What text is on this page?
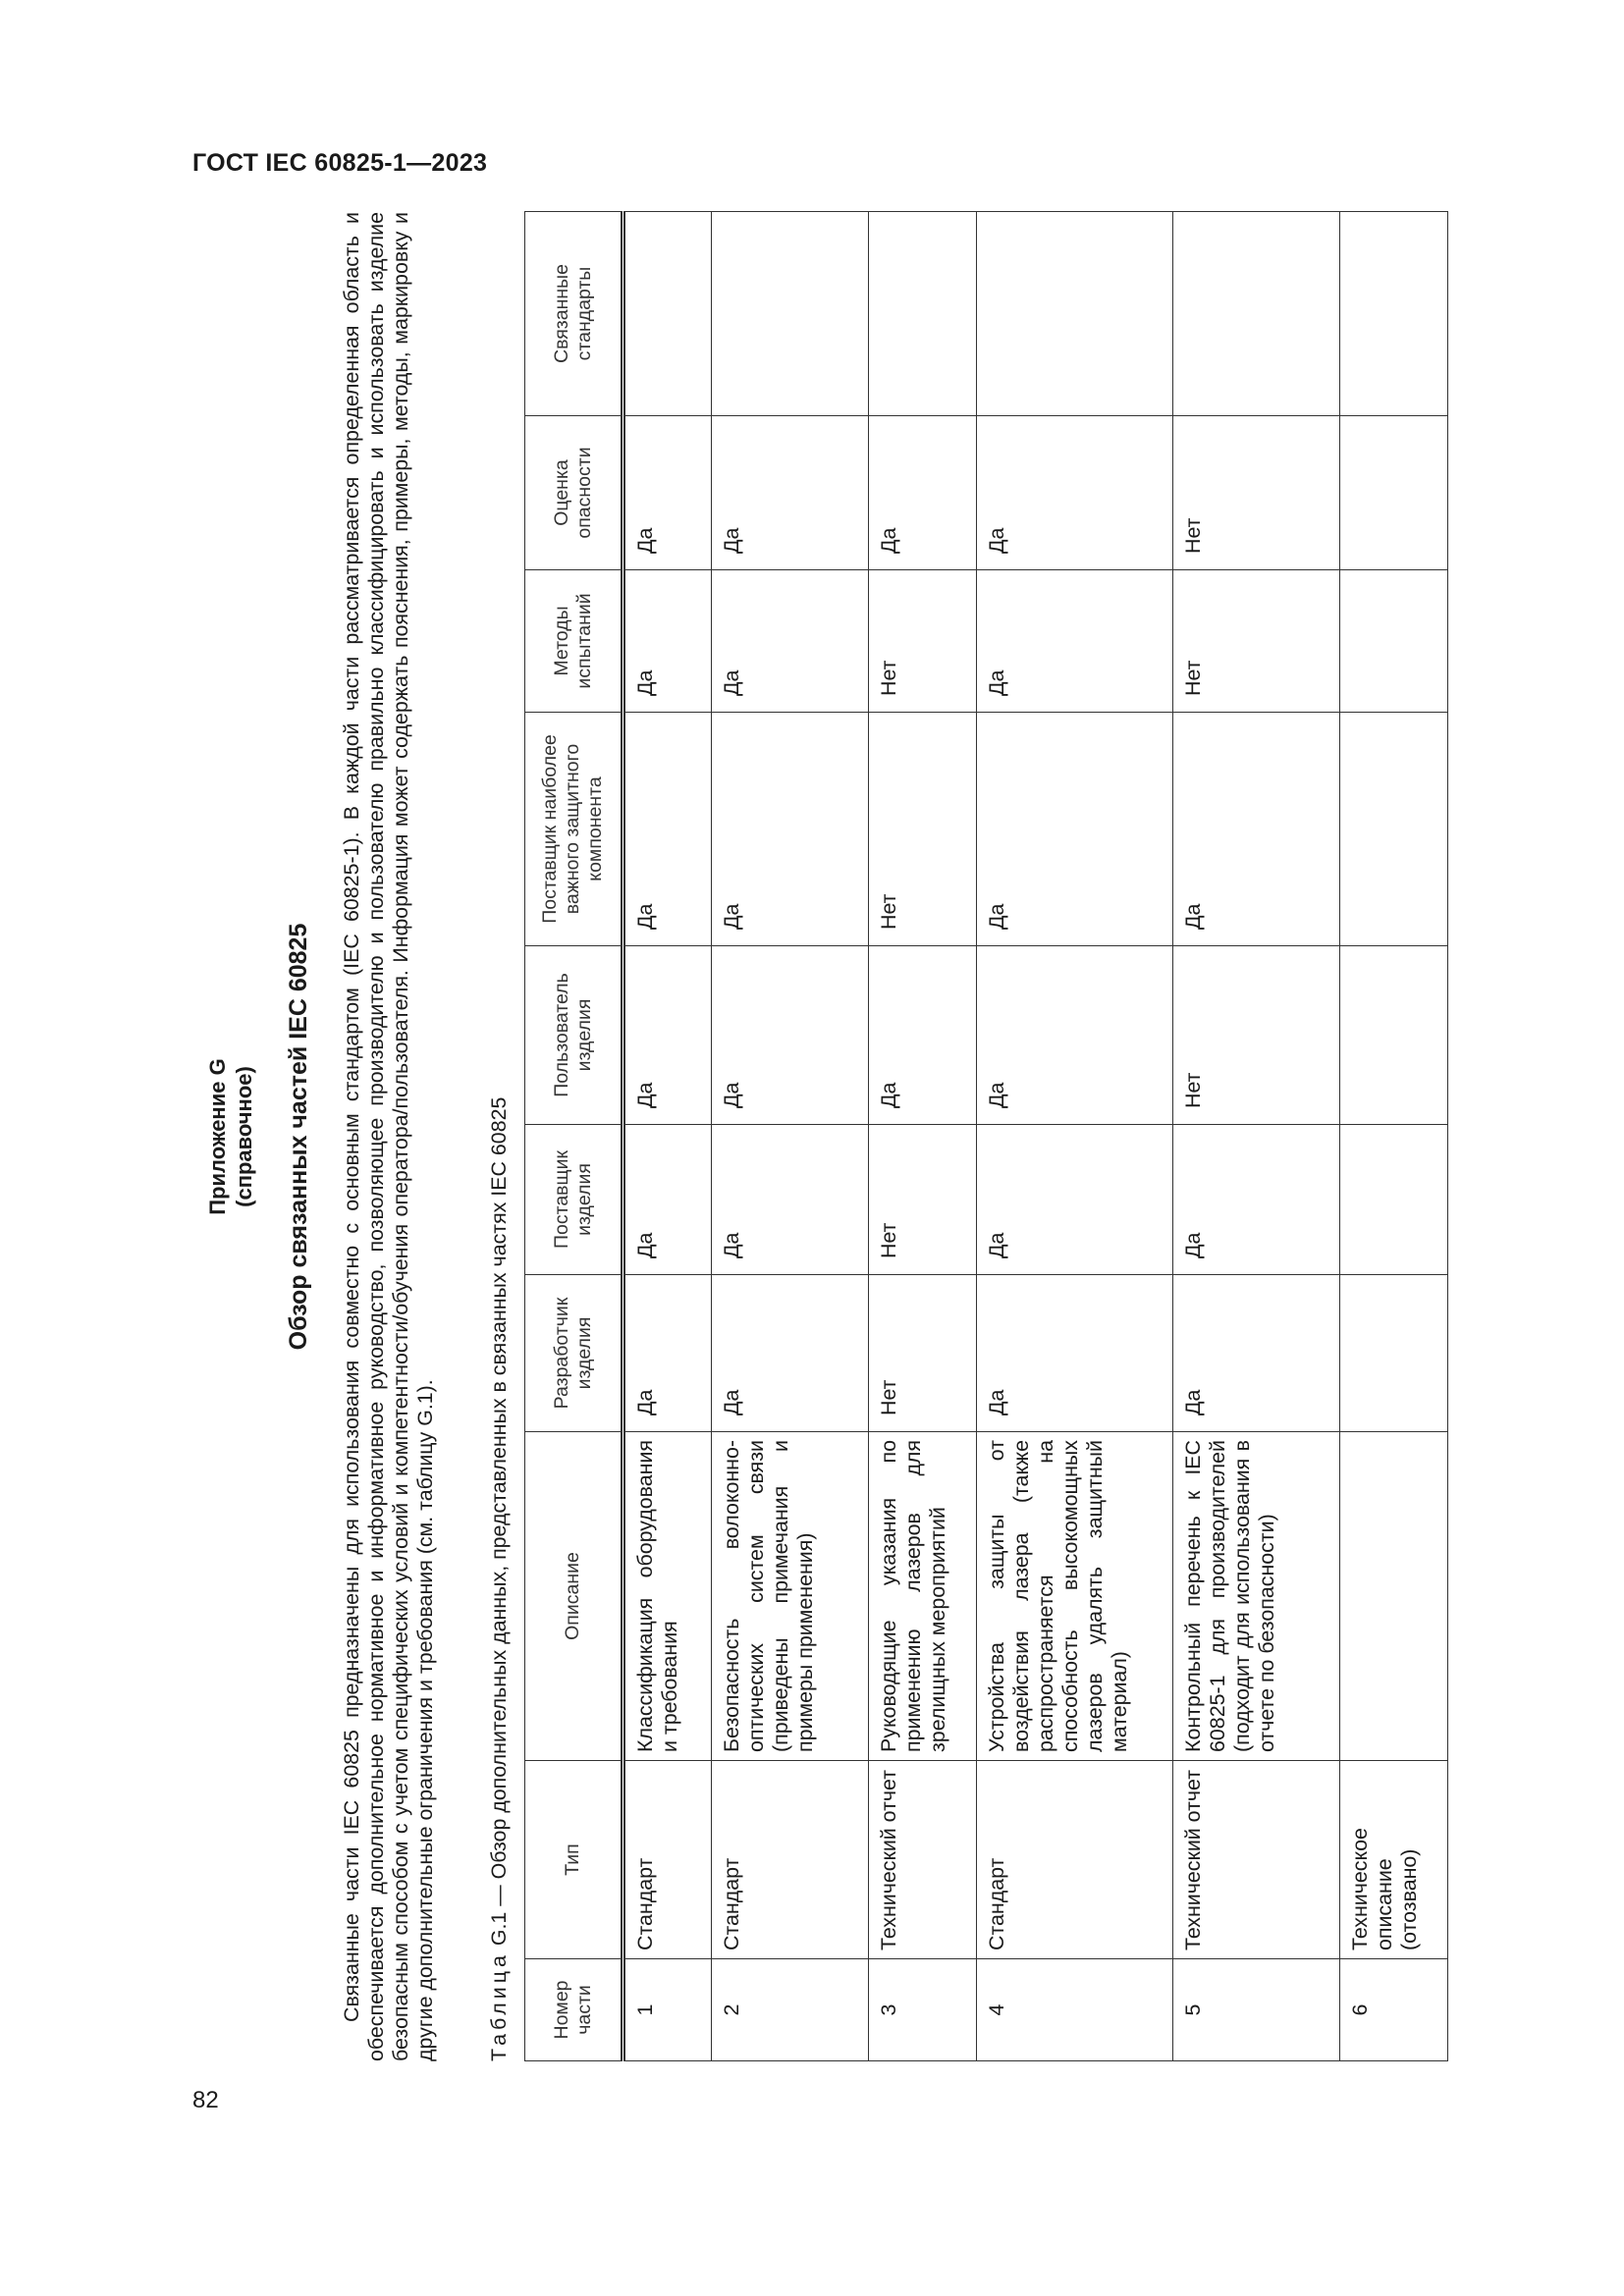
ГОСТ IEC 60825-1—2023
82
Приложение G (справочное) Обзор связанных частей IEC 60825 Связанные части IEC 60825 предназначены для использования совместно с основным стандартом (IEC 60825-1). В каждой части рассматривается определенная область и обеспечивается дополнительное нормативное и информативное руководство, позволяющее производителю и пользователю правильно классифицировать и использовать изделие безопасным способом с учетом специфических условий и компетентности/обучения оператора/пользователя. Информация может содержать пояснения, примеры, методы, маркировку и другие дополнительные ограничения и требования (см. таблицу G.1). Таблица G.1 — Обзор дополнительных данных, представленных в связанных частях IEC 60825
Номер части	Тип	Описание	Разработчик изделия	Поставщик изделия	Пользователь изделия	Поставщик наиболее важного защитного компонента	Методы испытаний	Оценка опасности	Связанные стандарты
1	Стандарт	Классификация оборудования и требования	Да	Да	Да	Да	Да	Да	
2	Стандарт	Безопасность волоконно-оптических систем связи (приведены примечания и примеры применения)	Да	Да	Да	Да	Да	Да	
3	Технический отчет	Руководящие указания по применению лазеров для зрелищных мероприятий	Нет	Нет	Да	Нет	Нет	Да	
4	Стандарт	Устройства защиты от воздействия лазера (также распространяется на способность высокомощных лазеров удалять защитный материал)	Да	Да	Да	Да	Да	Да	
5	Технический отчет	Контрольный перечень к IEC 60825-1 для производителей (подходит для использования в отчете по безопасности)	Да	Да	Нет	Да	Нет	Нет	
6	Техническое описание (отозвано)								
